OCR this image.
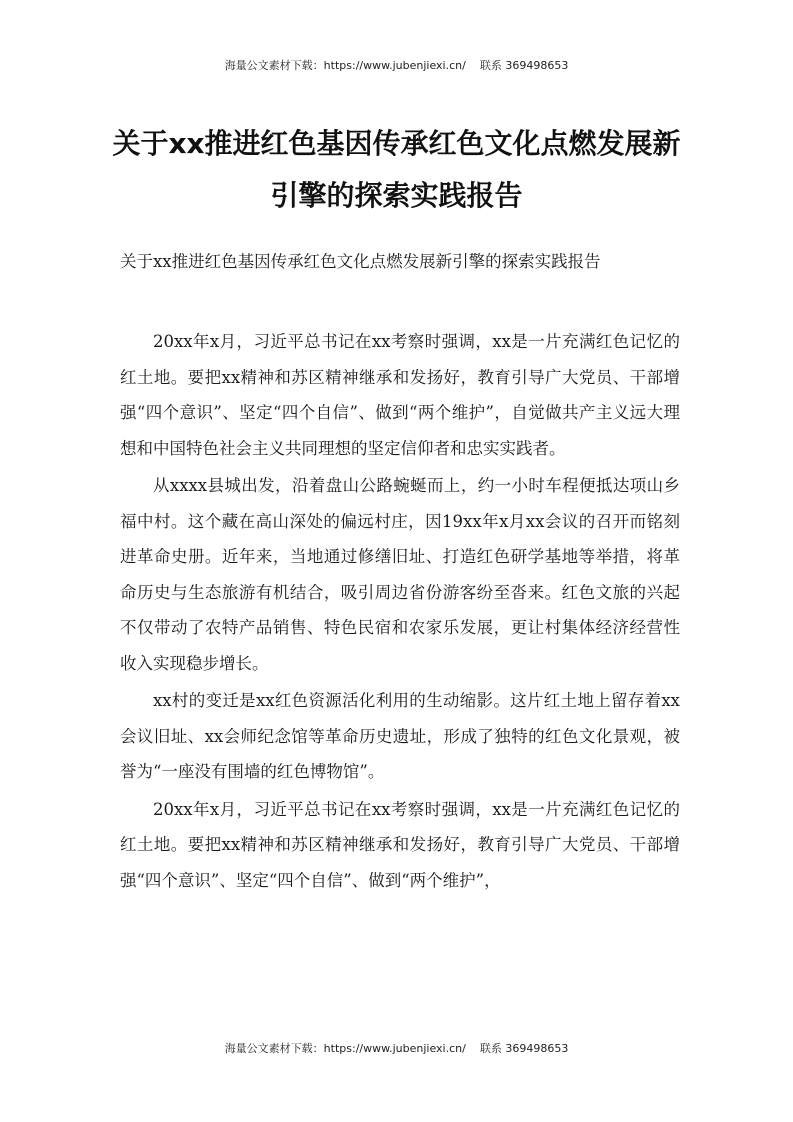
海量公文素材下载：https://www.jubenjiexi.cn/ 联系 369498653
关于xx推进红色基因传承红色文化点燃发展新引擎的探索实践报告

关于xx推进红色基因传承红色文化点燃发展新引擎的探索实践报告

20xx年x月，习近平总书记在xx考察时强调，xx是一片充满红色记忆的红土地。要把xx精神和苏区精神继承和发扬好，教育引导广大党员、干部增强“四个意识”、坚定“四个自信”、做到“两个维护”，自觉做共产主义远大理想和中国特色社会主义共同理想的坚定信仰者和忠实实践者。

从xxxx县城出发，沿着盘山公路蜿蜒而上，约一小时车程便抵达项山乡福中村。这个藏在高山深处的偏远村庄，因19xx年x月xx会议的召开而铭刻进革命史册。近年来，当地通过修缮旧址、打造红色研学基地等举措，将革命历史与生态旅游有机结合，吸引周边省份游客纷至沓来。红色文旅的兴起不仅带动了农特产品销售、特色民宿和农家乐发展，更让村集体经济经营性收入实现稳步增长。

xx村的变迁是xx红色资源活化利用的生动缩影。这片红土地上留存着xx会议旧址、xx会师纪念馆等革命历史遗址，形成了独特的红色文化景观，被誉为“一座没有围墙的红色博物馆”。

20xx年x月，习近平总书记在xx考察时强调，xx是一片充满红色记忆的红土地。要把xx精神和苏区精神继承和发扬好，教育引导广大党员、干部增强“四个意识”、坚定“四个自信”、做到“两个维护”，

海量公文素材下载：https://www.jubenjiexi.cn/ 联系 369498653
